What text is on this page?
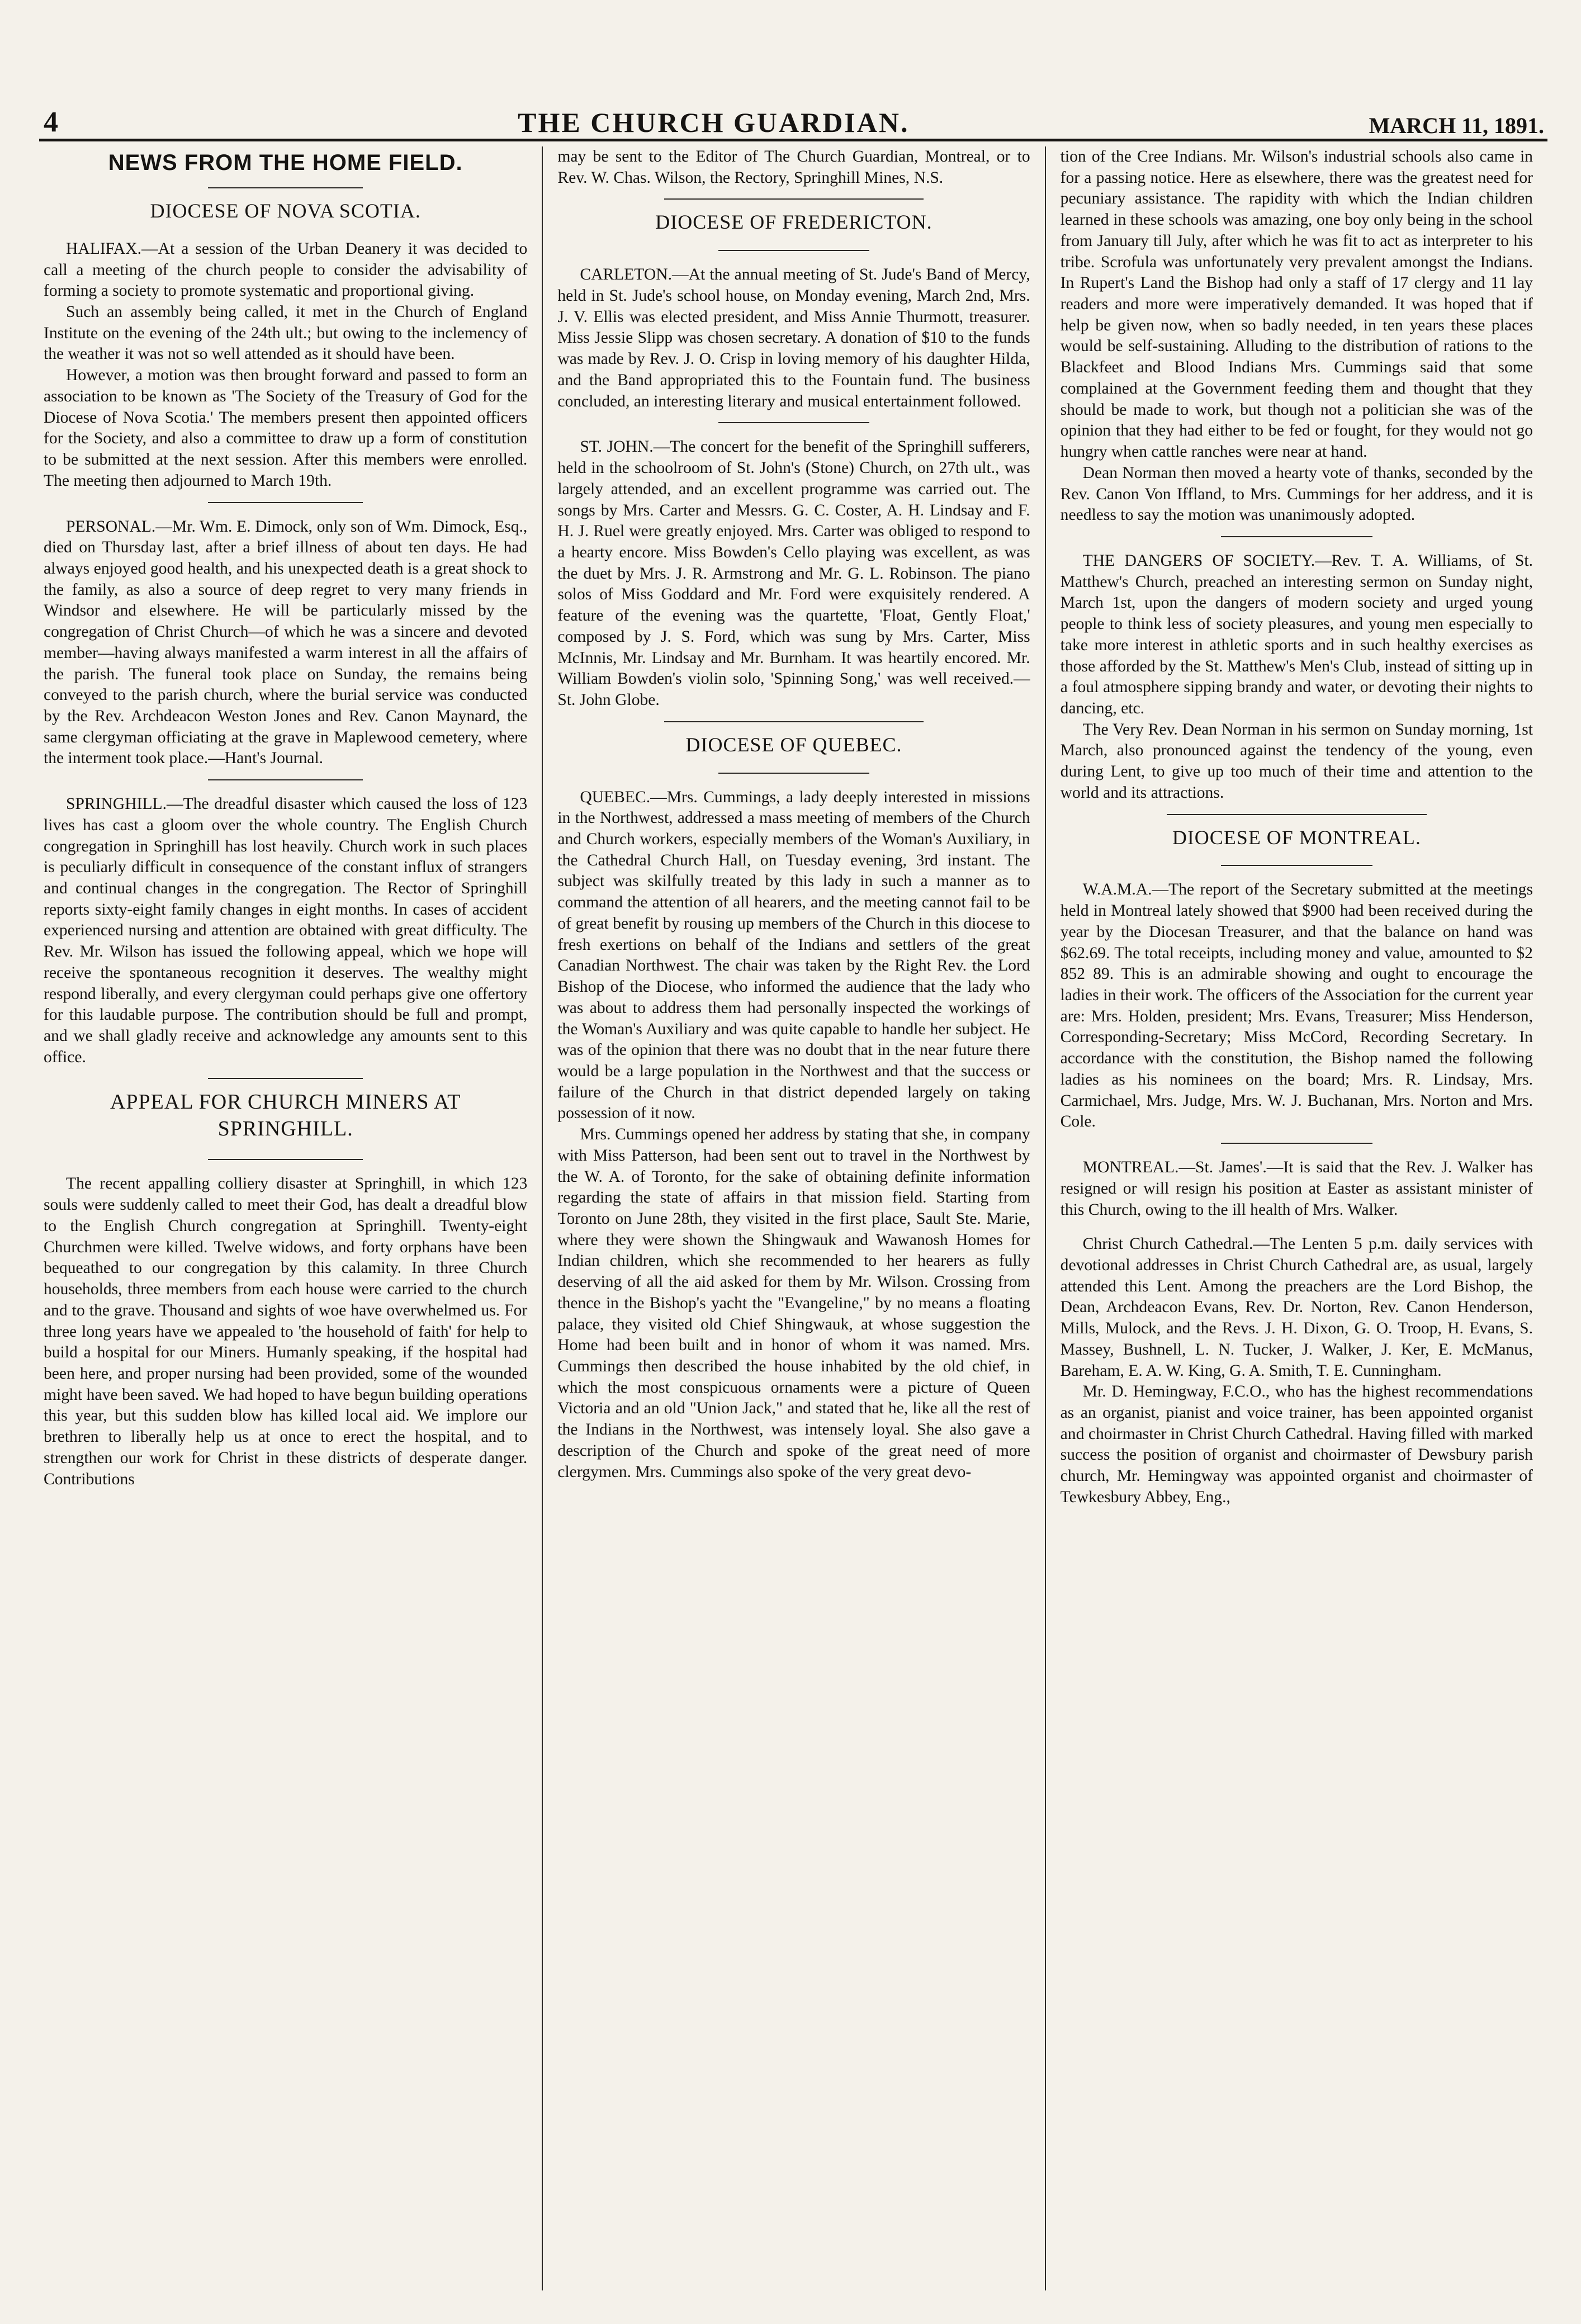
4	THE CHURCH GUARDIAN.	MARCH 11, 1891.
NEWS FROM THE HOME FIELD.
DIOCESE OF NOVA SCOTIA.

HALIFAX.—At a session of the Urban Deanery it was decided to call a meeting of the church people to consider the advisability of forming a society to promote systematic and proportional giving.

Such an assembly being called, it met in the Church of England Institute on the evening of the 24th ult.; but owing to the inclemency of the weather it was not so well attended as it should have been.

However, a motion was then brought forward and passed to form an association to be known as 'The Society of the Treasury of God for the Diocese of Nova Scotia.' The members present then appointed officers for the Society, and also a committee to draw up a form of constitution to be submitted at the next session. After this members were enrolled. The meeting then adjourned to March 19th.

PERSONAL.—Mr. Wm. E. Dimock, only son of Wm. Dimock, Esq., died on Thursday last, after a brief illness of about ten days. He had always enjoyed good health, and his unexpected death is a great shock to the family, as also a source of deep regret to very many friends in Windsor and elsewhere. He will be particularly missed by the congregation of Christ Church—of which he was a sincere and devoted member—having always manifested a warm interest in all the affairs of the parish. The funeral took place on Sunday, the remains being conveyed to the parish church, where the burial service was conducted by the Rev. Archdeacon Weston Jones and Rev. Canon Maynard, the same clergyman officiating at the grave in Maplewood cemetery, where the interment took place.—Hant's Journal.

SPRINGHILL.—The dreadful disaster which caused the loss of 123 lives has cast a gloom over the whole country. The English Church congregation in Springhill has lost heavily. Church work in such places is peculiarly difficult in consequence of the constant influx of strangers and continual changes in the congregation. The Rector of Springhill reports sixty-eight family changes in eight months. In cases of accident experienced nursing and attention are obtained with great difficulty. The Rev. Mr. Wilson has issued the following appeal, which we hope will receive the spontaneous recognition it deserves. The wealthy might respond liberally, and every clergyman could perhaps give one offertory for this laudable purpose. The contribution should be full and prompt, and we shall gladly receive and acknowledge any amounts sent to this office.

APPEAL FOR CHURCH MINERS AT SPRINGHILL.

The recent appalling colliery disaster at Springhill, in which 123 souls were suddenly called to meet their God, has dealt a dreadful blow to the English Church congregation at Springhill. Twenty-eight Churchmen were killed. Twelve widows, and forty orphans have been bequeathed to our congregation by this calamity. In three Church households, three members from each house were carried to the church and to the grave. Thousand and sights of woe have overwhelmed us. For three long years have we appealed to 'the household of faith' for help to build a hospital for our Miners. Humanly speaking, if the hospital had been here, and proper nursing had been provided, some of the wounded might have been saved. We had hoped to have begun building operations this year, but this sudden blow has killed local aid. We implore our brethren to liberally help us at once to erect the hospital, and to strengthen our work for Christ in these districts of desperate danger. Contributions

may be sent to the Editor of The Church Guardian, Montreal, or to Rev. W. Chas. Wilson, the Rectory, Springhill Mines, N.S.

DIOCESE OF FREDERICTON.

CARLETON.—At the annual meeting of St. Jude's Band of Mercy, held in St. Jude's school house, on Monday evening, March 2nd, Mrs. J. V. Ellis was elected president, and Miss Annie Thurmott, treasurer. Miss Jessie Slipp was chosen secretary. A donation of $10 to the funds was made by Rev. J. O. Crisp in loving memory of his daughter Hilda, and the Band appropriated this to the Fountain fund. The business concluded, an interesting literary and musical entertainment followed.

ST. JOHN.—The concert for the benefit of the Springhill sufferers, held in the schoolroom of St. John's (Stone) Church, on 27th ult., was largely attended, and an excellent programme was carried out. The songs by Mrs. Carter and Messrs. G. C. Coster, A. H. Lindsay and F. H. J. Ruel were greatly enjoyed. Mrs. Carter was obliged to respond to a hearty encore. Miss Bowden's Cello playing was excellent, as was the duet by Mrs. J. R. Armstrong and Mr. G. L. Robinson. The piano solos of Miss Goddard and Mr. Ford were exquisitely rendered. A feature of the evening was the quartette, 'Float, Gently Float,' composed by J. S. Ford, which was sung by Mrs. Carter, Miss McInnis, Mr. Lindsay and Mr. Burnham. It was heartily encored. Mr. William Bowden's violin solo, 'Spinning Song,' was well received.—St. John Globe.

DIOCESE OF QUEBEC.

QUEBEC.—Mrs. Cummings, a lady deeply interested in missions in the Northwest, addressed a mass meeting of members of the Church and Church workers, especially members of the Woman's Auxiliary, in the Cathedral Church Hall, on Tuesday evening, 3rd instant. The subject was skilfully treated by this lady in such a manner as to command the attention of all hearers, and the meeting cannot fail to be of great benefit by rousing up members of the Church in this diocese to fresh exertions on behalf of the Indians and settlers of the great Canadian Northwest. The chair was taken by the Right Rev. the Lord Bishop of the Diocese, who informed the audience that the lady who was about to address them had personally inspected the workings of the Woman's Auxiliary and was quite capable to handle her subject. He was of the opinion that there was no doubt that in the near future there would be a large population in the Northwest and that the success or failure of the Church in that district depended largely on taking possession of it now.

Mrs. Cummings opened her address by stating that she, in company with Miss Patterson, had been sent out to travel in the Northwest by the W. A. of Toronto, for the sake of obtaining definite information regarding the state of affairs in that mission field. Starting from Toronto on June 28th, they visited in the first place, Sault Ste. Marie, where they were shown the Shingwauk and Wawanosh Homes for Indian children, which she recommended to her hearers as fully deserving of all the aid asked for them by Mr. Wilson. Crossing from thence in the Bishop's yacht the "Evangeline," by no means a floating palace, they visited old Chief Shingwauk, at whose suggestion the Home had been built and in honor of whom it was named. Mrs. Cummings then described the house inhabited by the old chief, in which the most conspicuous ornaments were a picture of Queen Victoria and an old "Union Jack," and stated that he, like all the rest of the Indians in the Northwest, was intensely loyal. She also gave a description of the Church and spoke of the great need of more clergymen. Mrs. Cummings also spoke of the very great devo-

tion of the Cree Indians. Mr. Wilson's industrial schools also came in for a passing notice. Here as elsewhere, there was the greatest need for pecuniary assistance. The rapidity with which the Indian children learned in these schools was amazing, one boy only being in the school from January till July, after which he was fit to act as interpreter to his tribe. Scrofula was unfortunately very prevalent amongst the Indians. In Rupert's Land the Bishop had only a staff of 17 clergy and 11 lay readers and more were imperatively demanded. It was hoped that if help be given now, when so badly needed, in ten years these places would be self-sustaining. Alluding to the distribution of rations to the Blackfeet and Blood Indians Mrs. Cummings said that some complained at the Government feeding them and thought that they should be made to work, but though not a politician she was of the opinion that they had either to be fed or fought, for they would not go hungry when cattle ranches were near at hand.

Dean Norman then moved a hearty vote of thanks, seconded by the Rev. Canon Von Iffland, to Mrs. Cummings for her address, and it is needless to say the motion was unanimously adopted.

THE DANGERS OF SOCIETY.—Rev. T. A. Williams, of St. Matthew's Church, preached an interesting sermon on Sunday night, March 1st, upon the dangers of modern society and urged young people to think less of society pleasures, and young men especially to take more interest in athletic sports and in such healthy exercises as those afforded by the St. Matthew's Men's Club, instead of sitting up in a foul atmosphere sipping brandy and water, or devoting their nights to dancing, etc.

The Very Rev. Dean Norman in his sermon on Sunday morning, 1st March, also pronounced against the tendency of the young, even during Lent, to give up too much of their time and attention to the world and its attractions.

DIOCESE OF MONTREAL.

W.A.M.A.—The report of the Secretary submitted at the meetings held in Montreal lately showed that $900 had been received during the year by the Diocesan Treasurer, and that the balance on hand was $62.69. The total receipts, including money and value, amounted to $2 852 89. This is an admirable showing and ought to encourage the ladies in their work. The officers of the Association for the current year are: Mrs. Holden, president; Mrs. Evans, Treasurer; Miss Henderson, Corresponding-Secretary; Miss McCord, Recording Secretary. In accordance with the constitution, the Bishop named the following ladies as his nominees on the board; Mrs. R. Lindsay, Mrs. Carmichael, Mrs. Judge, Mrs. W. J. Buchanan, Mrs. Norton and Mrs. Cole.

MONTREAL.—St. James'.—It is said that the Rev. J. Walker has resigned or will resign his position at Easter as assistant minister of this Church, owing to the ill health of Mrs. Walker.

Christ Church Cathedral.—The Lenten 5 p.m. daily services with devotional addresses in Christ Church Cathedral are, as usual, largely attended this Lent. Among the preachers are the Lord Bishop, the Dean, Archdeacon Evans, Rev. Dr. Norton, Rev. Canon Henderson, Mills, Mulock, and the Revs. J. H. Dixon, G. O. Troop, H. Evans, S. Massey, Bushnell, L. N. Tucker, J. Walker, J. Ker, E. McManus, Bareham, E. A. W. King, G. A. Smith, T. E. Cunningham.

Mr. D. Hemingway, F.C.O., who has the highest recommendations as an organist, pianist and voice trainer, has been appointed organist and choirmaster in Christ Church Cathedral. Having filled with marked success the position of organist and choirmaster of Dewsbury parish church, Mr. Hemingway was appointed organist and choirmaster of Tewkesbury Abbey, Eng.,
